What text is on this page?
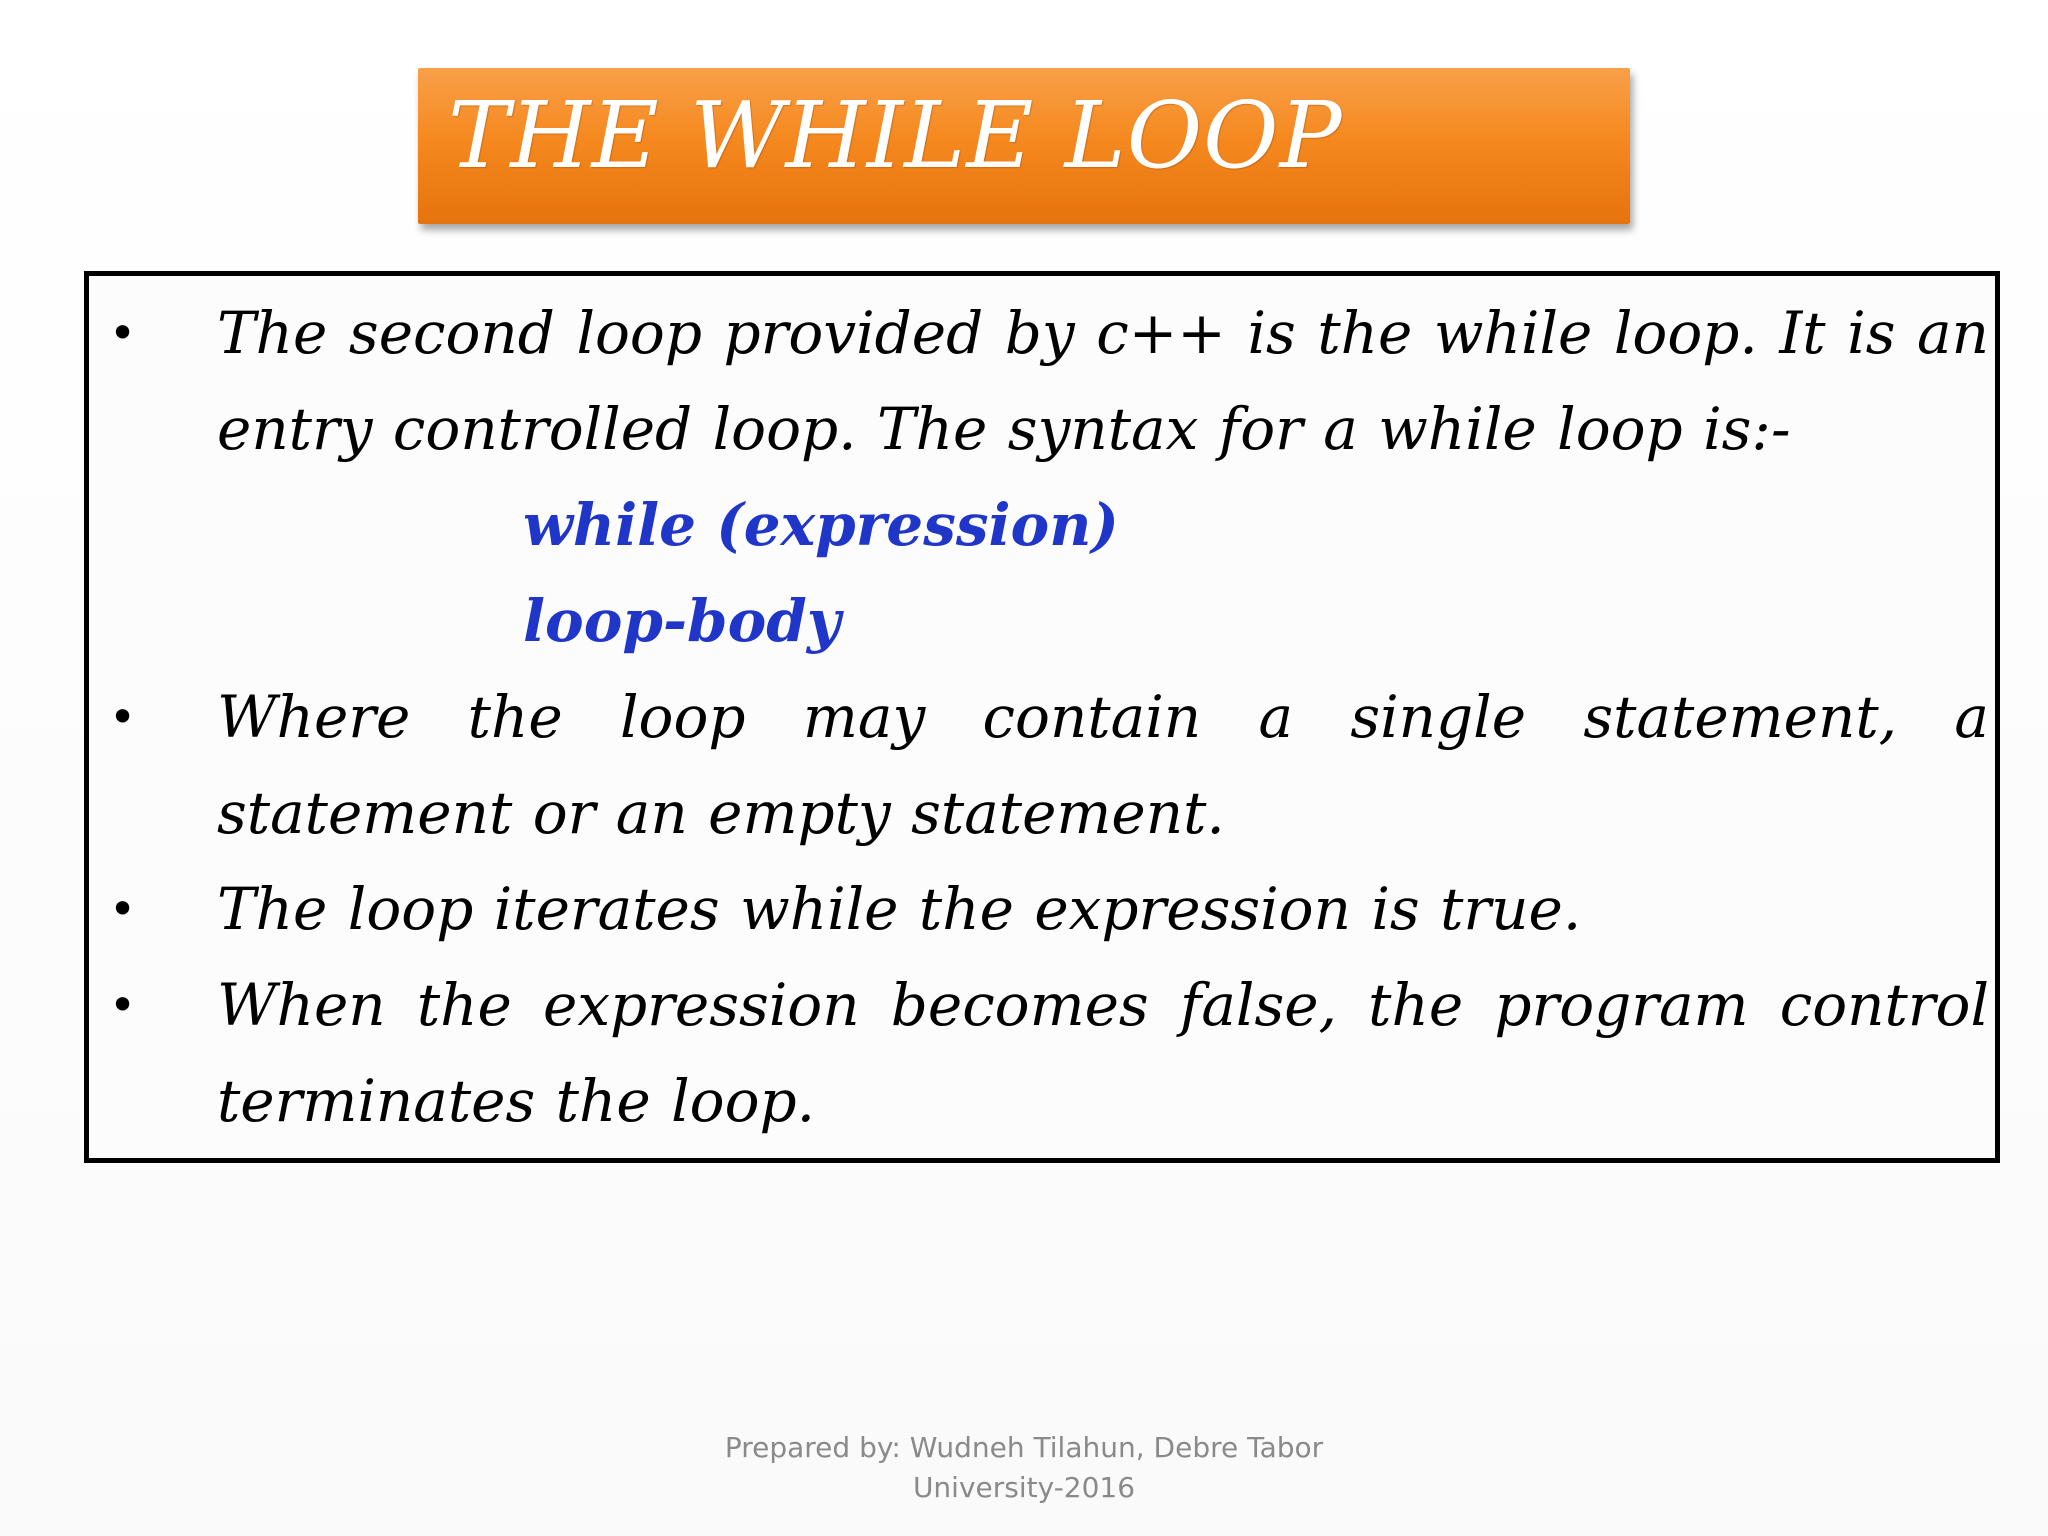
THE WHILE LOOP
• The second loop provided by c++ is the while loop. It is an
entry controlled loop. The syntax for a while loop is:-
while (expression)
loop-body
• Where the loop may contain a single statement, a
statement or an empty statement.
• The loop iterates while the expression is true.
• When the expression becomes false, the program control
terminates the loop.
Prepared by: Wudneh Tilahun, Debre Tabor
University-2016
